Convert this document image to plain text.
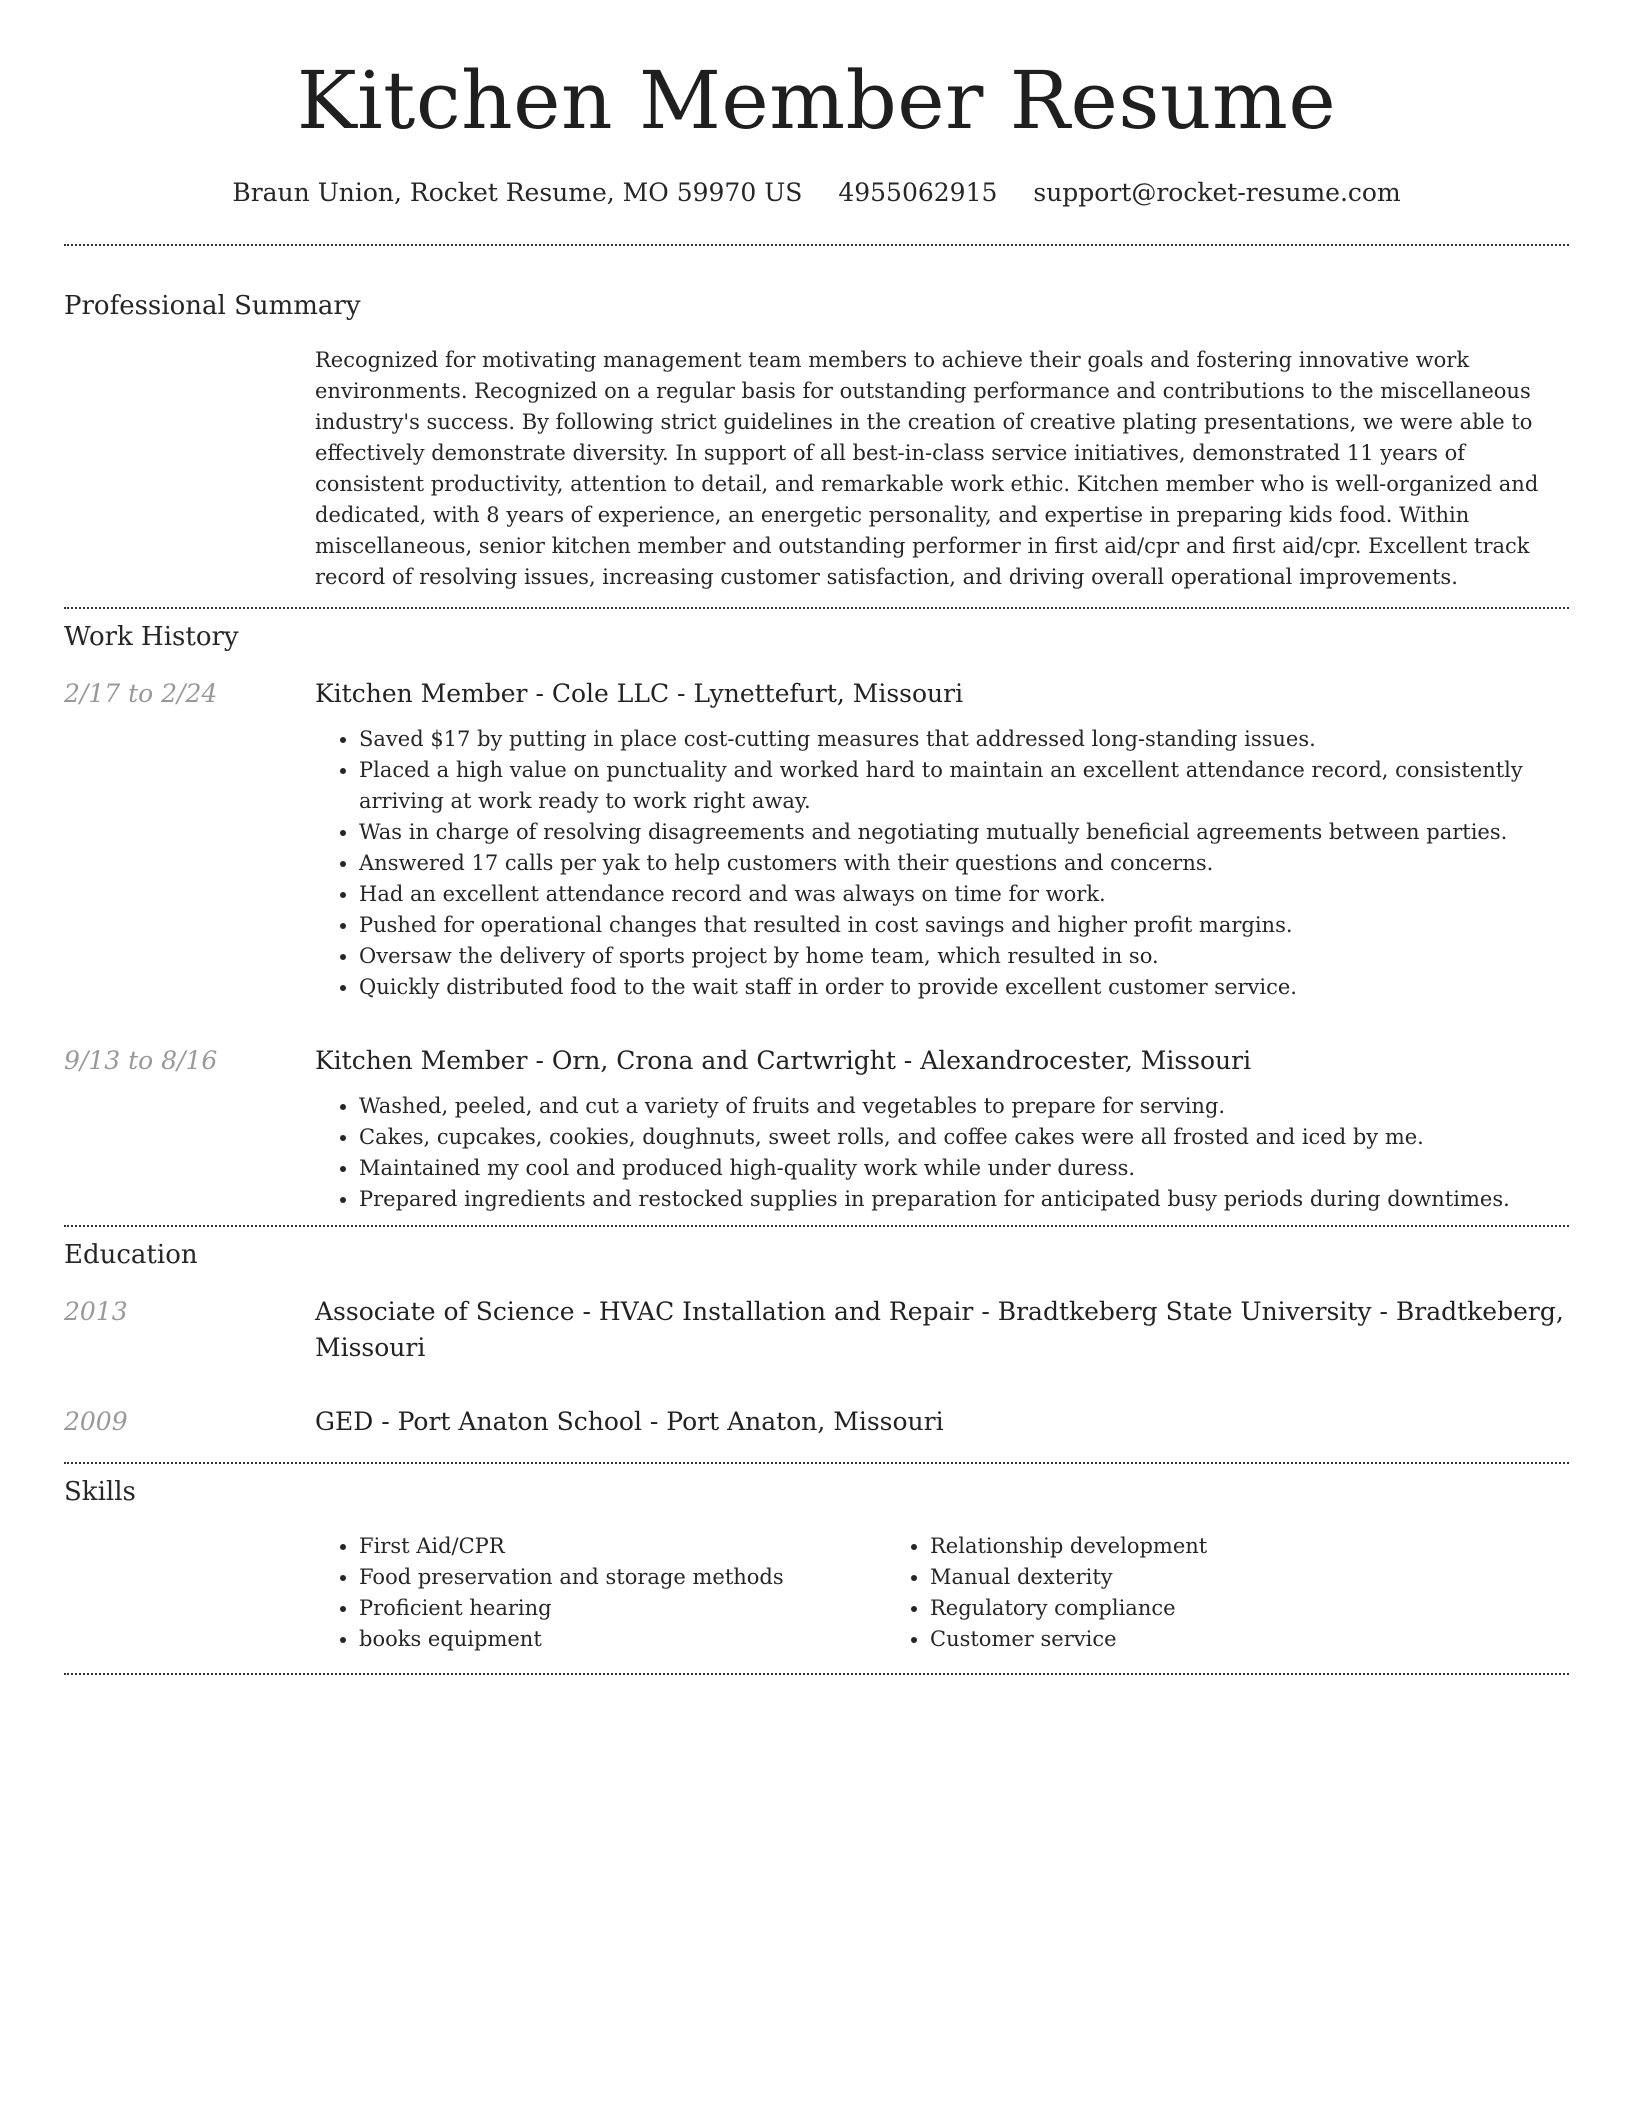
Kitchen Member Resume
Braun Union, Rocket Resume, MO 59970 US 4955062915 support@rocket-resume.com
Professional Summary
Recognized for motivating management team members to achieve their goals and fostering innovative work environments. Recognized on a regular basis for outstanding performance and contributions to the miscellaneous industry's success. By following strict guidelines in the creation of creative plating presentations, we were able to effectively demonstrate diversity. In support of all best-in-class service initiatives, demonstrated 11 years of consistent productivity, attention to detail, and remarkable work ethic. Kitchen member who is well-organized and dedicated, with 8 years of experience, an energetic personality, and expertise in preparing kids food. Within miscellaneous, senior kitchen member and outstanding performer in first aid/cpr and first aid/cpr. Excellent track record of resolving issues, increasing customer satisfaction, and driving overall operational improvements.
Work History
2/17 to 2/24	Kitchen Member - Cole LLC - Lynettefurt, Missouri
• Saved $17 by putting in place cost-cutting measures that addressed long-standing issues.
• Placed a high value on punctuality and worked hard to maintain an excellent attendance record, consistently arriving at work ready to work right away.
• Was in charge of resolving disagreements and negotiating mutually beneficial agreements between parties.
• Answered 17 calls per yak to help customers with their questions and concerns.
• Had an excellent attendance record and was always on time for work.
• Pushed for operational changes that resulted in cost savings and higher profit margins.
• Oversaw the delivery of sports project by home team, which resulted in so.
• Quickly distributed food to the wait staff in order to provide excellent customer service.
9/13 to 8/16	Kitchen Member - Orn, Crona and Cartwright - Alexandrocester, Missouri
• Washed, peeled, and cut a variety of fruits and vegetables to prepare for serving.
• Cakes, cupcakes, cookies, doughnuts, sweet rolls, and coffee cakes were all frosted and iced by me.
• Maintained my cool and produced high-quality work while under duress.
• Prepared ingredients and restocked supplies in preparation for anticipated busy periods during downtimes.
Education
2013	Associate of Science - HVAC Installation and Repair - Bradtkeberg State University - Bradtkeberg, Missouri
2009	GED - Port Anaton School - Port Anaton, Missouri
Skills
• First Aid/CPR
• Food preservation and storage methods
• Proficient hearing
• books equipment
• Relationship development
• Manual dexterity
• Regulatory compliance
• Customer service
